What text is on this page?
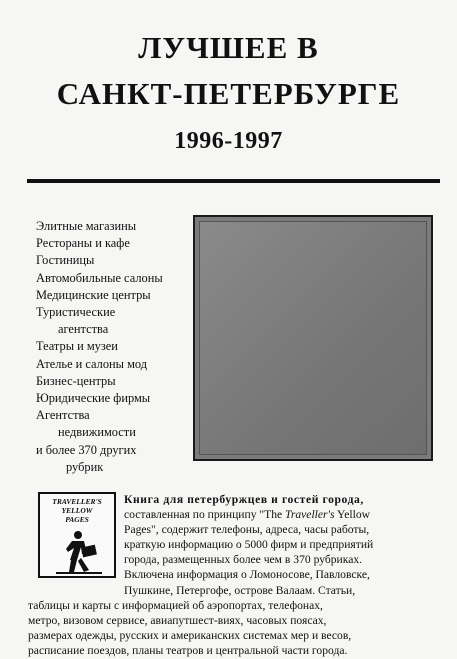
ЛУЧШЕЕ В
САНКТ-ПЕТЕРБУРГЕ
1996-1997
Элитные магазины
Рестораны и кафе
Гостиницы
Автомобильные салоны
Медицинские центры
Туристические
агентства
Театры и музеи
Ателье и салоны мод
Бизнес-центры
Юридические фирмы
Агентства
недвижимости
и более 370 других
рубрик
TRAVELLER'S
YELLOW
PAGES
Книга для петербуржцев и гостей города,
составленная по принципу "The Traveller's Yellow
Pages", содержит телефоны, адреса, часы работы,
краткую информацию о 5000 фирм и предприятий
города, размещенных более чем в 370 рубриках.
Включена информация о Ломоносове, Павловске,
Пушкине, Петергофе, острове Валаам. Статьи,
таблицы и карты с информацией об аэропортах, телефонах,
метро, визовом сервисе, авиапутшест-виях, часовых поясах,
размерах одежды, русских и американских системах мер и весов,
расписание поездов, планы театров и центральной части города.
